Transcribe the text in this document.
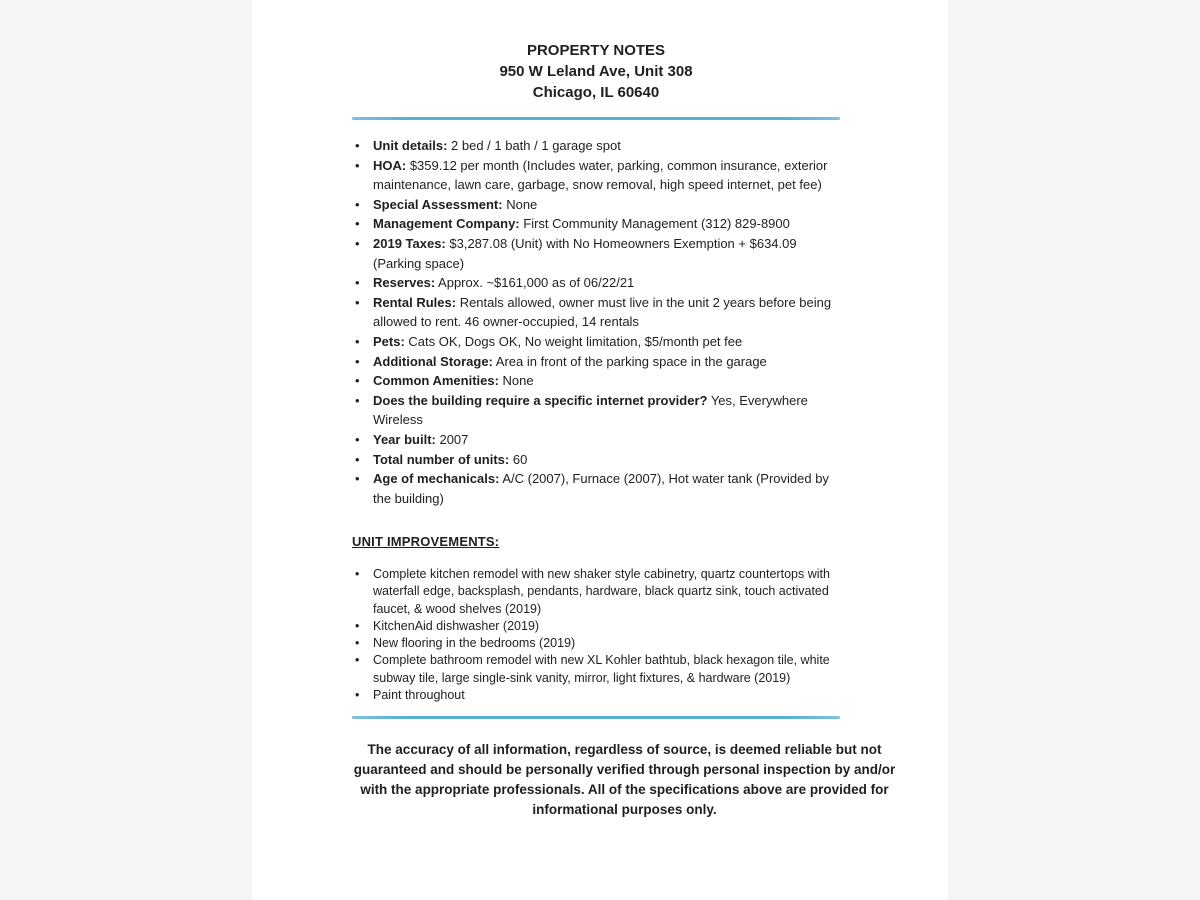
PROPERTY NOTES
950 W Leland Ave, Unit 308
Chicago, IL 60640
• Unit details: 2 bed / 1 bath / 1 garage spot
• HOA: $359.12 per month (Includes water, parking, common insurance, exterior maintenance, lawn care, garbage, snow removal, high speed internet, pet fee)
• Special Assessment: None
• Management Company: First Community Management (312) 829-8900
• 2019 Taxes: $3,287.08 (Unit) with No Homeowners Exemption + $634.09 (Parking space)
• Reserves: Approx. ~$161,000 as of 06/22/21
• Rental Rules: Rentals allowed, owner must live in the unit 2 years before being allowed to rent. 46 owner-occupied, 14 rentals
• Pets: Cats OK, Dogs OK, No weight limitation, $5/month pet fee
• Additional Storage: Area in front of the parking space in the garage
• Common Amenities: None
• Does the building require a specific internet provider? Yes, Everywhere Wireless
• Year built: 2007
• Total number of units: 60
• Age of mechanicals: A/C (2007), Furnace (2007), Hot water tank (Provided by the building)
UNIT IMPROVEMENTS:
• Complete kitchen remodel with new shaker style cabinetry, quartz countertops with waterfall edge, backsplash, pendants, hardware, black quartz sink, touch activated faucet, & wood shelves (2019)
• KitchenAid dishwasher (2019)
• New flooring in the bedrooms (2019)
• Complete bathroom remodel with new XL Kohler bathtub, black hexagon tile, white subway tile, large single-sink vanity, mirror, light fixtures, & hardware (2019)
• Paint throughout
The accuracy of all information, regardless of source, is deemed reliable but not guaranteed and should be personally verified through personal inspection by and/or with the appropriate professionals. All of the specifications above are provided for informational purposes only.
